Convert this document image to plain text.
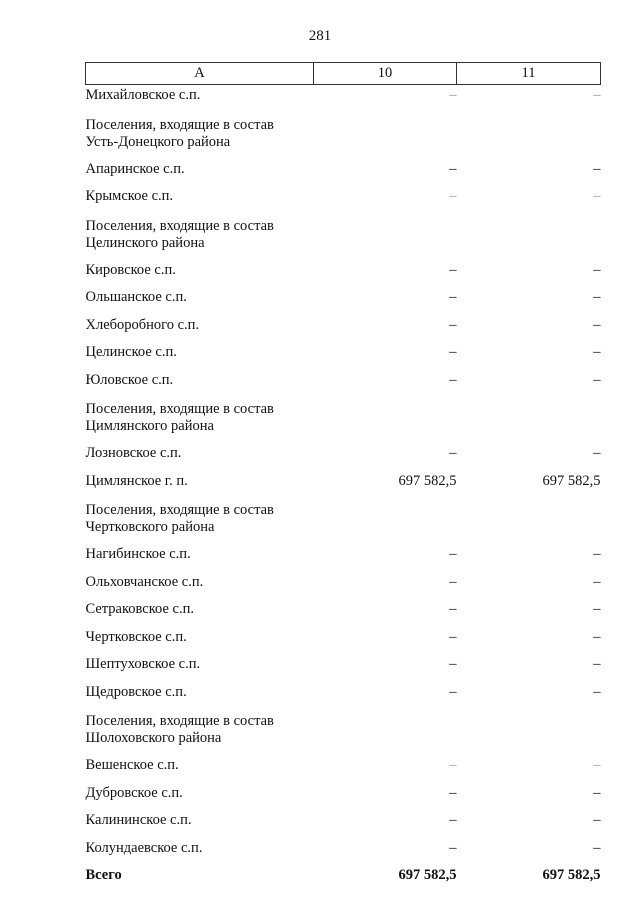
281
А	10	11
Михайловское с.п.	–	–

Поселения, входящие в состав
Усть-Донецкого района		

Апаринское с.п.	–	–
Крымское с.п.	–	–

Поселения, входящие в состав
Целинского района		

Кировское с.п.	–	–
Ольшанское с.п.	–	–
Хлеборобного с.п.	–	–
Целинское с.п.	–	–
Юловское с.п.	–	–

Поселения, входящие в состав
Цимлянского района		

Лозновское с.п.	–	–
Цимлянское г. п.	697 582,5	697 582,5

Поселения, входящие в состав
Чертковского района		

Нагибинское с.п.	–	–
Ольховчанское с.п.	–	–
Сетраковское с.п.	–	–
Чертковское с.п.	–	–
Шептуховское с.п.	–	–
Щедровское с.п.	–	–

Поселения, входящие в состав
Шолоховского района		

Вешенское с.п.	–	–
Дубровское с.п.	–	–
Калининское с.п.	–	–
Колундаевское с.п.	–	–
Всего	697 582,5	697 582,5
